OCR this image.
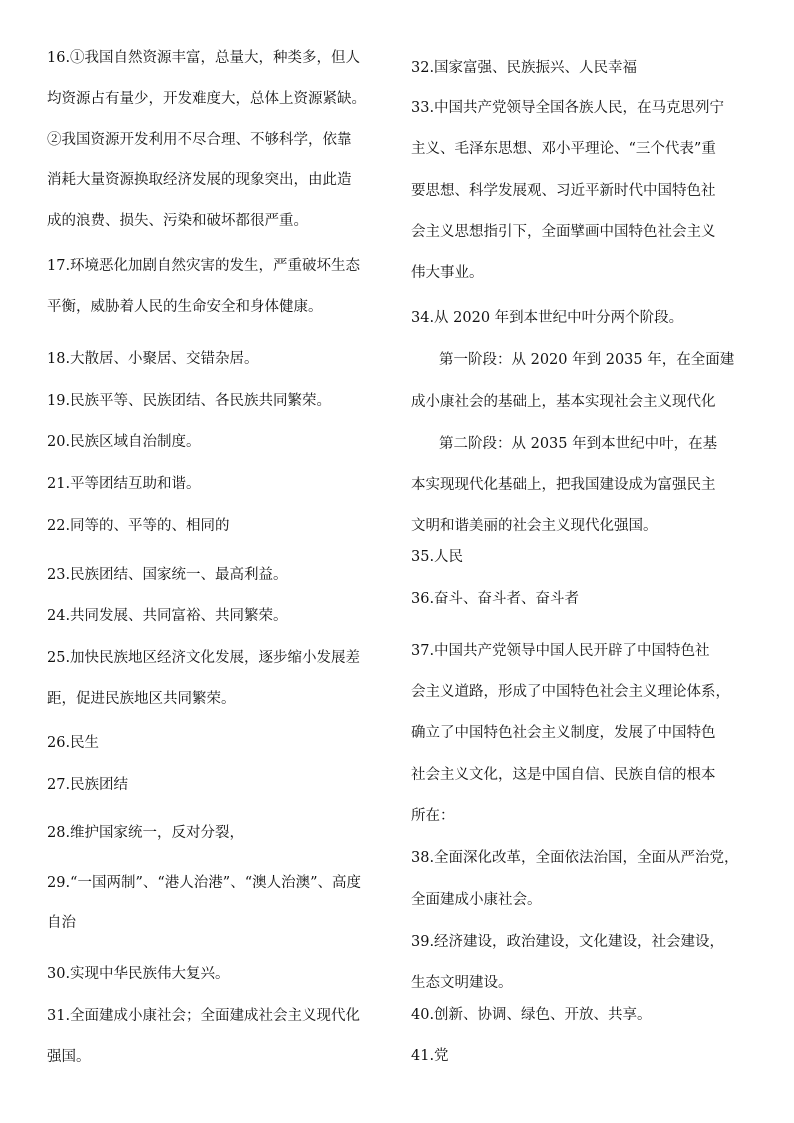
16.①我国自然资源丰富，总量大，种类多，但人
均资源占有量少，开发难度大，总体上资源紧缺。
②我国资源开发利用不尽合理、不够科学，依靠
消耗大量资源换取经济发展的现象突出，由此造
成的浪费、损失、污染和破坏都很严重。
17.环境恶化加剧自然灾害的发生，严重破坏生态
平衡，威胁着人民的生命安全和身体健康。
18.大散居、小聚居、交错杂居。
19.民族平等、民族团结、各民族共同繁荣。
20.民族区域自治制度。
21.平等团结互助和谐。
22.同等的、平等的、相同的
23.民族团结、国家统一、最高利益。
24.共同发展、共同富裕、共同繁荣。
25.加快民族地区经济文化发展，逐步缩小发展差
距，促进民族地区共同繁荣。
26.民生
27.民族团结
28.维护国家统一，反对分裂，
29.“一国两制”、“港人治港”、“澳人治澳”、高度
自治
30.实现中华民族伟大复兴。
31.全面建成小康社会；全面建成社会主义现代化
强国。
32.国家富强、民族振兴、人民幸福
33.中国共产党领导全国各族人民，在马克思列宁
主义、毛泽东思想、邓小平理论、“三个代表”重
要思想、科学发展观、习近平新时代中国特色社
会主义思想指引下，全面擘画中国特色社会主义
伟大事业。
34.从 2020 年到本世纪中叶分两个阶段。
第一阶段：从 2020 年到 2035 年，在全面建
成小康社会的基础上，基本实现社会主义现代化
第二阶段：从 2035 年到本世纪中叶，在基
本实现现代化基础上，把我国建设成为富强民主
文明和谐美丽的社会主义现代化强国。
35.人民
36.奋斗、奋斗者、奋斗者
37.中国共产党领导中国人民开辟了中国特色社
会主义道路，形成了中国特色社会主义理论体系，
确立了中国特色社会主义制度，发展了中国特色
社会主义文化，这是中国自信、民族自信的根本
所在：
38.全面深化改革，全面依法治国，全面从严治党，
全面建成小康社会。
39.经济建设，政治建设，文化建设，社会建设，
生态文明建设。
40.创新、协调、绿色、开放、共享。
41.党
